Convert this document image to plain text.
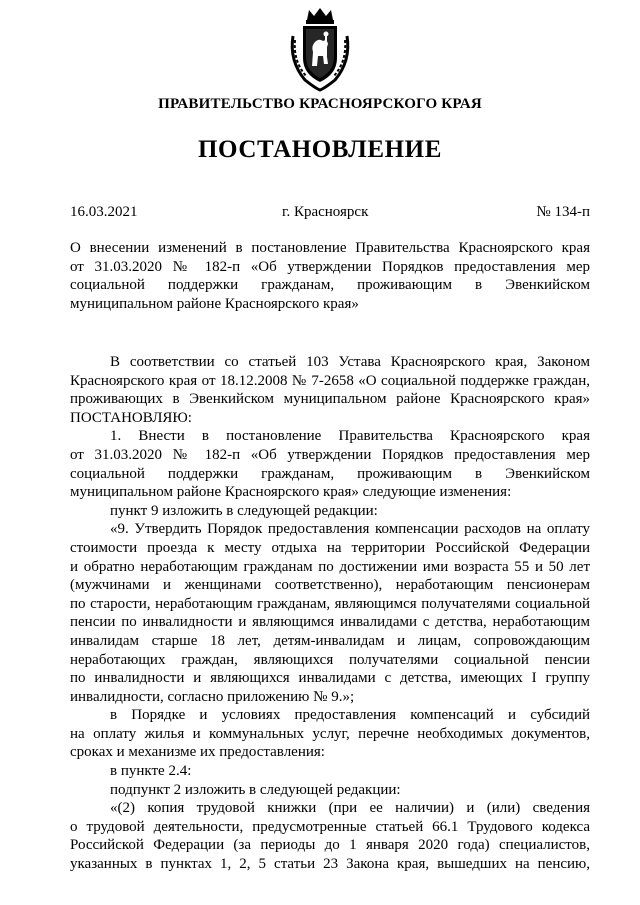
ПРАВИТЕЛЬСТВО КРАСНОЯРСКОГО КРАЯ
ПОСТАНОВЛЕНИЕ
16.03.2021	г. Красноярск	№ 134-п
О внесении изменений в постановление Правительства Красноярского края
от 31.03.2020 № 182-п «Об утверждении Порядков предоставления мер
социальной поддержки гражданам, проживающим в Эвенкийском
муниципальном районе Красноярского края»
В соответствии со статьей 103 Устава Красноярского края, Законом
Красноярского края от 18.12.2008 № 7-2658 «О социальной поддержке граждан,
проживающих в Эвенкийском муниципальном районе Красноярского края»
ПОСТАНОВЛЯЮ:
1. Внести в постановление Правительства Красноярского края
от 31.03.2020 № 182-п «Об утверждении Порядков предоставления мер
социальной поддержки гражданам, проживающим в Эвенкийском
муниципальном районе Красноярского края» следующие изменения:
пункт 9 изложить в следующей редакции:
«9. Утвердить Порядок предоставления компенсации расходов на оплату
стоимости проезда к месту отдыха на территории Российской Федерации
и обратно неработающим гражданам по достижении ими возраста 55 и 50 лет
(мужчинами и женщинами соответственно), неработающим пенсионерам
по старости, неработающим гражданам, являющимся получателями социальной
пенсии по инвалидности и являющимся инвалидами с детства, неработающим
инвалидам старше 18 лет, детям-инвалидам и лицам, сопровождающим
неработающих граждан, являющихся получателями социальной пенсии
по инвалидности и являющихся инвалидами с детства, имеющих I группу
инвалидности, согласно приложению № 9.»;
в Порядке и условиях предоставления компенсаций и субсидий
на оплату жилья и коммунальных услуг, перечне необходимых документов,
сроках и механизме их предоставления:
в пункте 2.4:
подпункт 2 изложить в следующей редакции:
«(2) копия трудовой книжки (при ее наличии) и (или) сведения
о трудовой деятельности, предусмотренные статьей 66.1 Трудового кодекса
Российской Федерации (за периоды до 1 января 2020 года) специалистов,
указанных в пунктах 1, 2, 5 статьи 23 Закона края, вышедших на пенсию,
